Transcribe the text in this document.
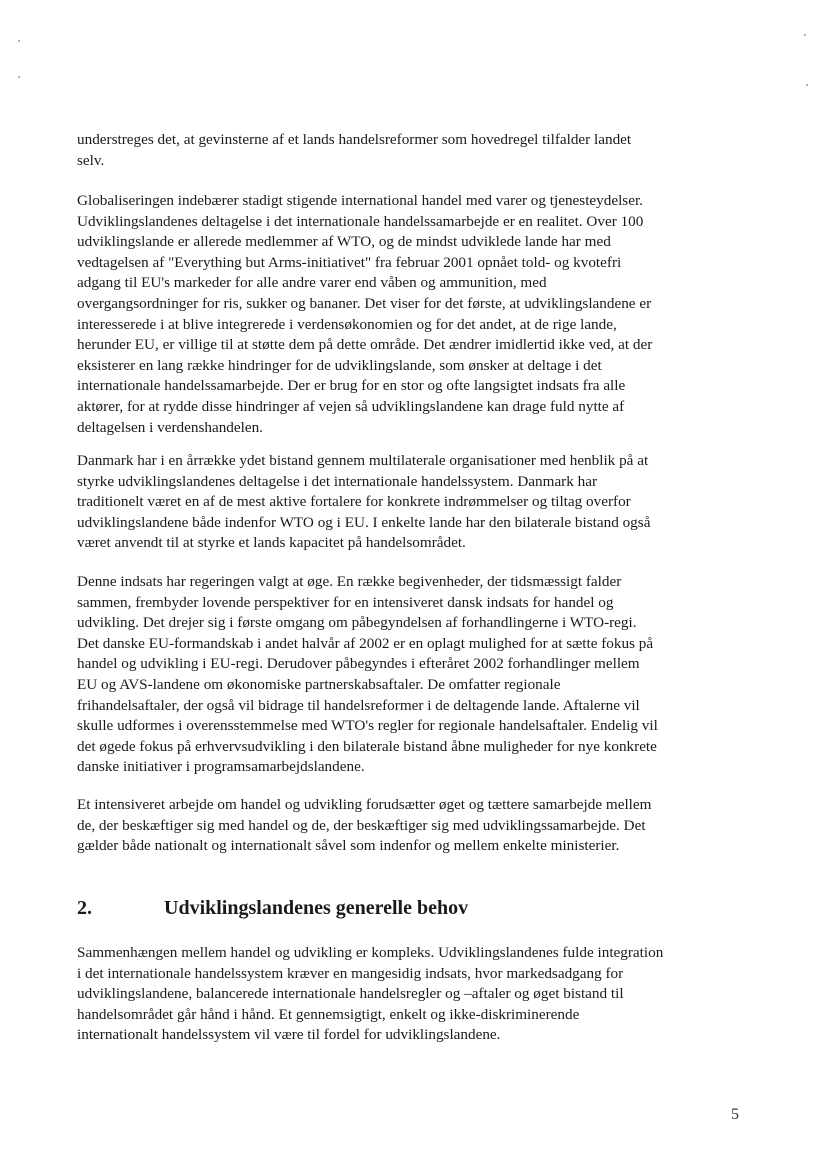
understreges det, at gevinsterne af et lands handelsreformer som hovedregel tilfalder landet
selv.

Globaliseringen indebærer stadigt stigende international handel med varer og tjenesteydelser.
Udviklingslandenes deltagelse i det internationale handelssamarbejde er en realitet. Over 100
udviklingslande er allerede medlemmer af WTO, og de mindst udviklede lande har med
vedtagelsen af "Everything but Arms-initiativet" fra februar 2001 opnået told- og kvotefri
adgang til EU's markeder for alle andre varer end våben og ammunition, med
overgangsordninger for ris, sukker og bananer. Det viser for det første, at udviklingslandene er
interesserede i at blive integrerede i verdensøkonomien og for det andet, at de rige lande,
herunder EU, er villige til at støtte dem på dette område. Det ændrer imidlertid ikke ved, at der
eksisterer en lang række hindringer for de udviklingslande, som ønsker at deltage i det
internationale handelssamarbejde. Der er brug for en stor og ofte langsigtet indsats fra alle
aktører, for at rydde disse hindringer af vejen så udviklingslandene kan drage fuld nytte af
deltagelsen i verdenshandelen.

Danmark har i en årrække ydet bistand gennem multilaterale organisationer med henblik på at
styrke udviklingslandenes deltagelse i det internationale handelssystem. Danmark har
traditionelt været en af de mest aktive fortalere for konkrete indrømmelser og tiltag overfor
udviklingslandene både indenfor WTO og i EU. I enkelte lande har den bilaterale bistand også
været anvendt til at styrke et lands kapacitet på handelsområdet.

Denne indsats har regeringen valgt at øge. En række begivenheder, der tidsmæssigt falder
sammen, frembyder lovende perspektiver for en intensiveret dansk indsats for handel og
udvikling. Det drejer sig i første omgang om påbegyndelsen af forhandlingerne i WTO-regi.
Det danske EU-formandskab i andet halvår af 2002 er en oplagt mulighed for at sætte fokus på
handel og udvikling i EU-regi. Derudover påbegyndes i efteråret 2002 forhandlinger mellem
EU og AVS-landene om økonomiske partnerskabsaftaler. De omfatter regionale
frihandelsaftaler, der også vil bidrage til handelsreformer i de deltagende lande. Aftalerne vil
skulle udformes i overensstemmelse med WTO's regler for regionale handelsaftaler. Endelig vil
det øgede fokus på erhvervsudvikling i den bilaterale bistand åbne muligheder for nye konkrete
danske initiativer i programsamarbejdslandene.

Et intensiveret arbejde om handel og udvikling forudsætter øget og tættere samarbejde mellem
de, der beskæftiger sig med handel og de, der beskæftiger sig med udviklingssamarbejde. Det
gælder både nationalt og internationalt såvel som indenfor og mellem enkelte ministerier.

2.	Udviklingslandenes generelle behov

Sammenhængen mellem handel og udvikling er kompleks. Udviklingslandenes fulde integration
i det internationale handelssystem kræver en mangesidig indsats, hvor markedsadgang for
udviklingslandene, balancerede internationale handelsregler og –aftaler og øget bistand til
handelsområdet går hånd i hånd. Et gennemsigtigt, enkelt og ikke-diskriminerende
internationalt handelssystem vil være til fordel for udviklingslandene.

5
